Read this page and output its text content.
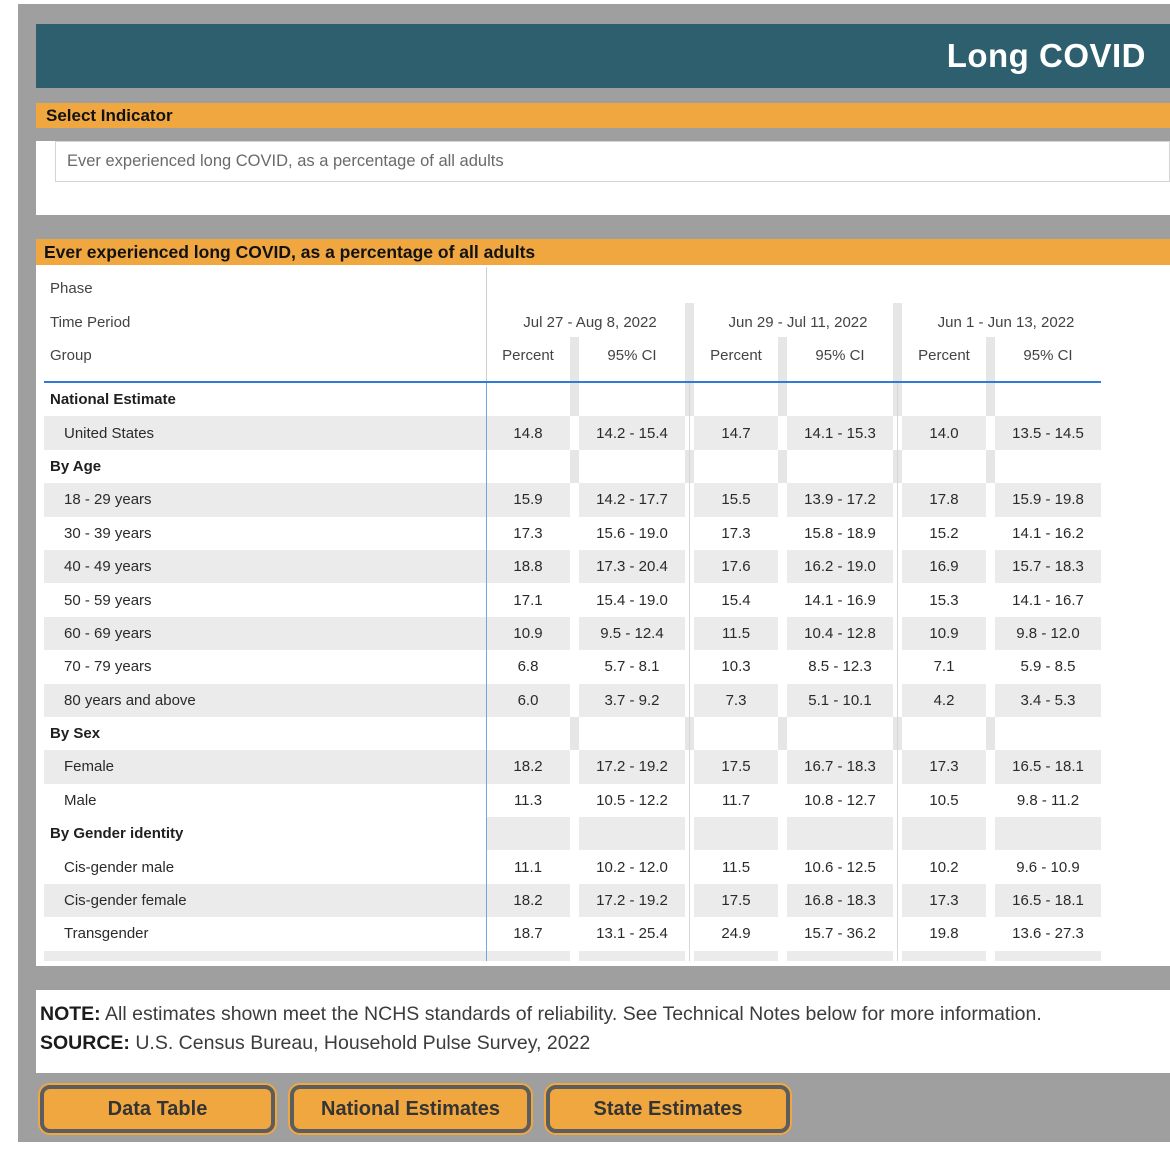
Long COVID
Select Indicator
Ever experienced long COVID, as a percentage of all adults
Ever experienced long COVID, as a percentage of all adults
Phase
Time Period
Group
Jul 27 - Aug 8, 2022
Percent	95% CI
Jun 29 - Jul 11, 2022
Percent	95% CI
Jun 1 - Jun 13, 2022
Percent	95% CI
National Estimate
United States	14.8	14.2 - 15.4	14.7	14.1 - 15.3	14.0	13.5 - 14.5
By Age
18 - 29 years	15.9	14.2 - 17.7	15.5	13.9 - 17.2	17.8	15.9 - 19.8
30 - 39 years	17.3	15.6 - 19.0	17.3	15.8 - 18.9	15.2	14.1 - 16.2
40 - 49 years	18.8	17.3 - 20.4	17.6	16.2 - 19.0	16.9	15.7 - 18.3
50 - 59 years	17.1	15.4 - 19.0	15.4	14.1 - 16.9	15.3	14.1 - 16.7
60 - 69 years	10.9	9.5 - 12.4	11.5	10.4 - 12.8	10.9	9.8 - 12.0
70 - 79 years	6.8	5.7 - 8.1	10.3	8.5 - 12.3	7.1	5.9 - 8.5
80 years and above	6.0	3.7 - 9.2	7.3	5.1 - 10.1	4.2	3.4 - 5.3
By Sex
Female	18.2	17.2 - 19.2	17.5	16.7 - 18.3	17.3	16.5 - 18.1
Male	11.3	10.5 - 12.2	11.7	10.8 - 12.7	10.5	9.8 - 11.2
By Gender identity
Cis-gender male	11.1	10.2 - 12.0	11.5	10.6 - 12.5	10.2	9.6 - 10.9
Cis-gender female	18.2	17.2 - 19.2	17.5	16.8 - 18.3	17.3	16.5 - 18.1
Transgender	18.7	13.1 - 25.4	24.9	15.7 - 36.2	19.8	13.6 - 27.3
NOTE: All estimates shown meet the NCHS standards of reliability. See Technical Notes below for more information.
SOURCE: U.S. Census Bureau, Household Pulse Survey, 2022
Data Table	National Estimates	State Estimates
